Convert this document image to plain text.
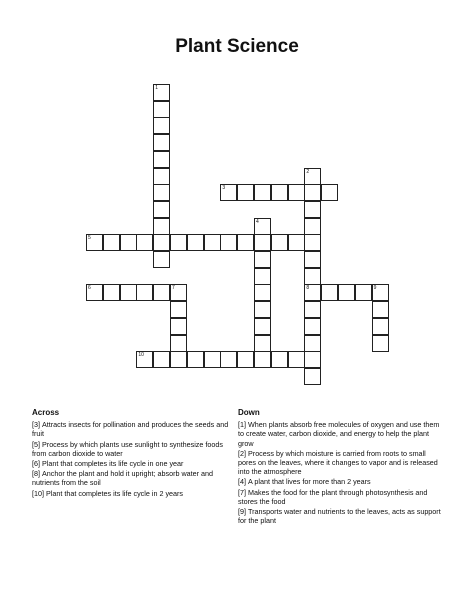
Plant Science
1
2
8
3
4
5
6	7	9
10
Across
[3] Attracts insects for pollination and produces the seeds and fruit
[5] Process by which plants use sunlight to synthesize foods from carbon dioxide to water
[6] Plant that completes its life cycle in one year
[8] Anchor the plant and hold it upright; absorb water and nutrients from the soil
[10] Plant that completes its life cycle in 2 years
Down
[1] When plants absorb free molecules of oxygen and use them to create water, carbon dioxide, and energy to help the plant grow
[2] Process by which moisture is carried from roots to small pores on the leaves, where it changes to vapor and is released into the atmosphere
[4] A plant that lives for more than 2 years
[7] Makes the food for the plant through photosynthesis and stores the food
[9] Transports water and nutrients to the leaves, acts as support for the plant
